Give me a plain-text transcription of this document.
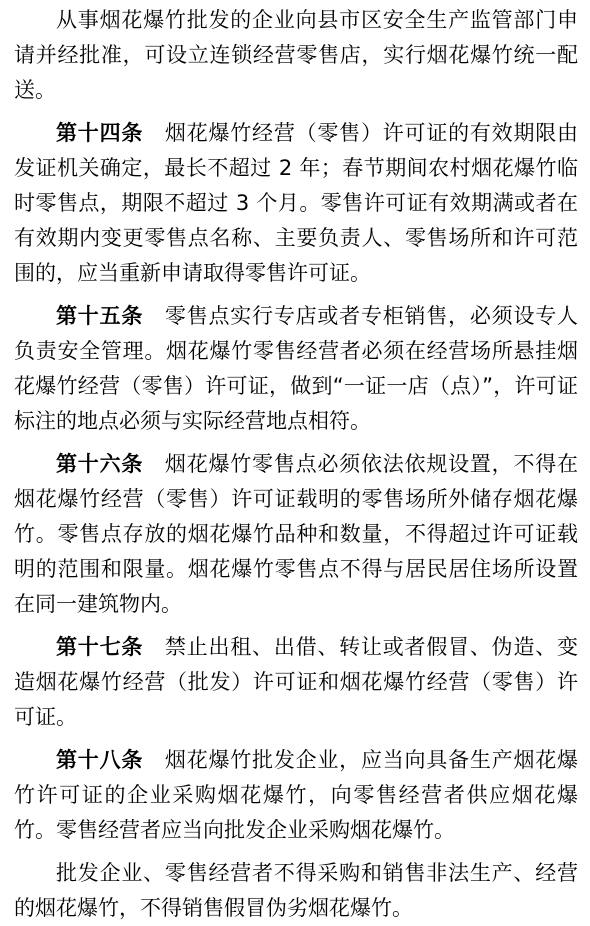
从事烟花爆竹批发的企业向县市区安全生产监管部门申请并经批准，可设立连锁经营零售店，实行烟花爆竹统一配送。

第十四条 烟花爆竹经营（零售）许可证的有效期限由发证机关确定，最长不超过 2 年；春节期间农村烟花爆竹临时零售点，期限不超过 3 个月。零售许可证有效期满或者在有效期内变更零售点名称、主要负责人、零售场所和许可范围的，应当重新申请取得零售许可证。

第十五条 零售点实行专店或者专柜销售，必须设专人负责安全管理。烟花爆竹零售经营者必须在经营场所悬挂烟花爆竹经营（零售）许可证，做到“一证一店（点）”，许可证标注的地点必须与实际经营地点相符。

第十六条 烟花爆竹零售点必须依法依规设置，不得在烟花爆竹经营（零售）许可证载明的零售场所外储存烟花爆竹。零售点存放的烟花爆竹品种和数量，不得超过许可证载明的范围和限量。烟花爆竹零售点不得与居民居住场所设置在同一建筑物内。

第十七条 禁止出租、出借、转让或者假冒、伪造、变造烟花爆竹经营（批发）许可证和烟花爆竹经营（零售）许可证。

第十八条 烟花爆竹批发企业，应当向具备生产烟花爆竹许可证的企业采购烟花爆竹，向零售经营者供应烟花爆竹。零售经营者应当向批发企业采购烟花爆竹。

批发企业、零售经营者不得采购和销售非法生产、经营的烟花爆竹，不得销售假冒伪劣烟花爆竹。
